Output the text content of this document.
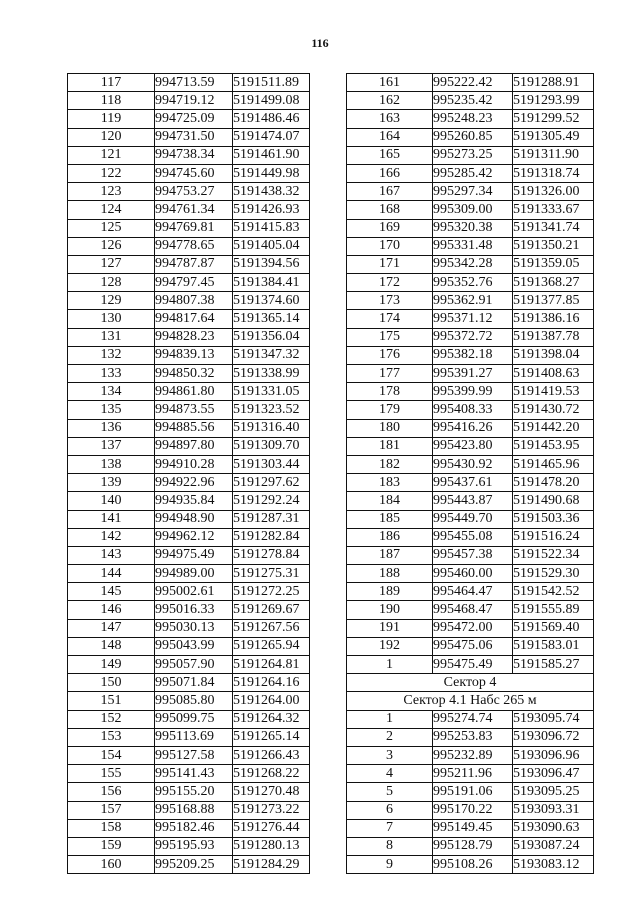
116
117	994713.59	5191511.89
118	994719.12	5191499.08
119	994725.09	5191486.46
120	994731.50	5191474.07
121	994738.34	5191461.90
122	994745.60	5191449.98
123	994753.27	5191438.32
124	994761.34	5191426.93
125	994769.81	5191415.83
126	994778.65	5191405.04
127	994787.87	5191394.56
128	994797.45	5191384.41
129	994807.38	5191374.60
130	994817.64	5191365.14
131	994828.23	5191356.04
132	994839.13	5191347.32
133	994850.32	5191338.99
134	994861.80	5191331.05
135	994873.55	5191323.52
136	994885.56	5191316.40
137	994897.80	5191309.70
138	994910.28	5191303.44
139	994922.96	5191297.62
140	994935.84	5191292.24
141	994948.90	5191287.31
142	994962.12	5191282.84
143	994975.49	5191278.84
144	994989.00	5191275.31
145	995002.61	5191272.25
146	995016.33	5191269.67
147	995030.13	5191267.56
148	995043.99	5191265.94
149	995057.90	5191264.81
150	995071.84	5191264.16
151	995085.80	5191264.00
152	995099.75	5191264.32
153	995113.69	5191265.14
154	995127.58	5191266.43
155	995141.43	5191268.22
156	995155.20	5191270.48
157	995168.88	5191273.22
158	995182.46	5191276.44
159	995195.93	5191280.13
160	995209.25	5191284.29
161	995222.42	5191288.91
162	995235.42	5191293.99
163	995248.23	5191299.52
164	995260.85	5191305.49
165	995273.25	5191311.90
166	995285.42	5191318.74
167	995297.34	5191326.00
168	995309.00	5191333.67
169	995320.38	5191341.74
170	995331.48	5191350.21
171	995342.28	5191359.05
172	995352.76	5191368.27
173	995362.91	5191377.85
174	995371.12	5191386.16
175	995372.72	5191387.78
176	995382.18	5191398.04
177	995391.27	5191408.63
178	995399.99	5191419.53
179	995408.33	5191430.72
180	995416.26	5191442.20
181	995423.80	5191453.95
182	995430.92	5191465.96
183	995437.61	5191478.20
184	995443.87	5191490.68
185	995449.70	5191503.36
186	995455.08	5191516.24
187	995457.38	5191522.34
188	995460.00	5191529.30
189	995464.47	5191542.52
190	995468.47	5191555.89
191	995472.00	5191569.40
192	995475.06	5191583.01
1	995475.49	5191585.27
Сектор 4		
Сектор 4.1 Набс 265 м		
1	995274.74	5193095.74
2	995253.83	5193096.72
3	995232.89	5193096.96
4	995211.96	5193096.47
5	995191.06	5193095.25
6	995170.22	5193093.31
7	995149.45	5193090.63
8	995128.79	5193087.24
9	995108.26	5193083.12
